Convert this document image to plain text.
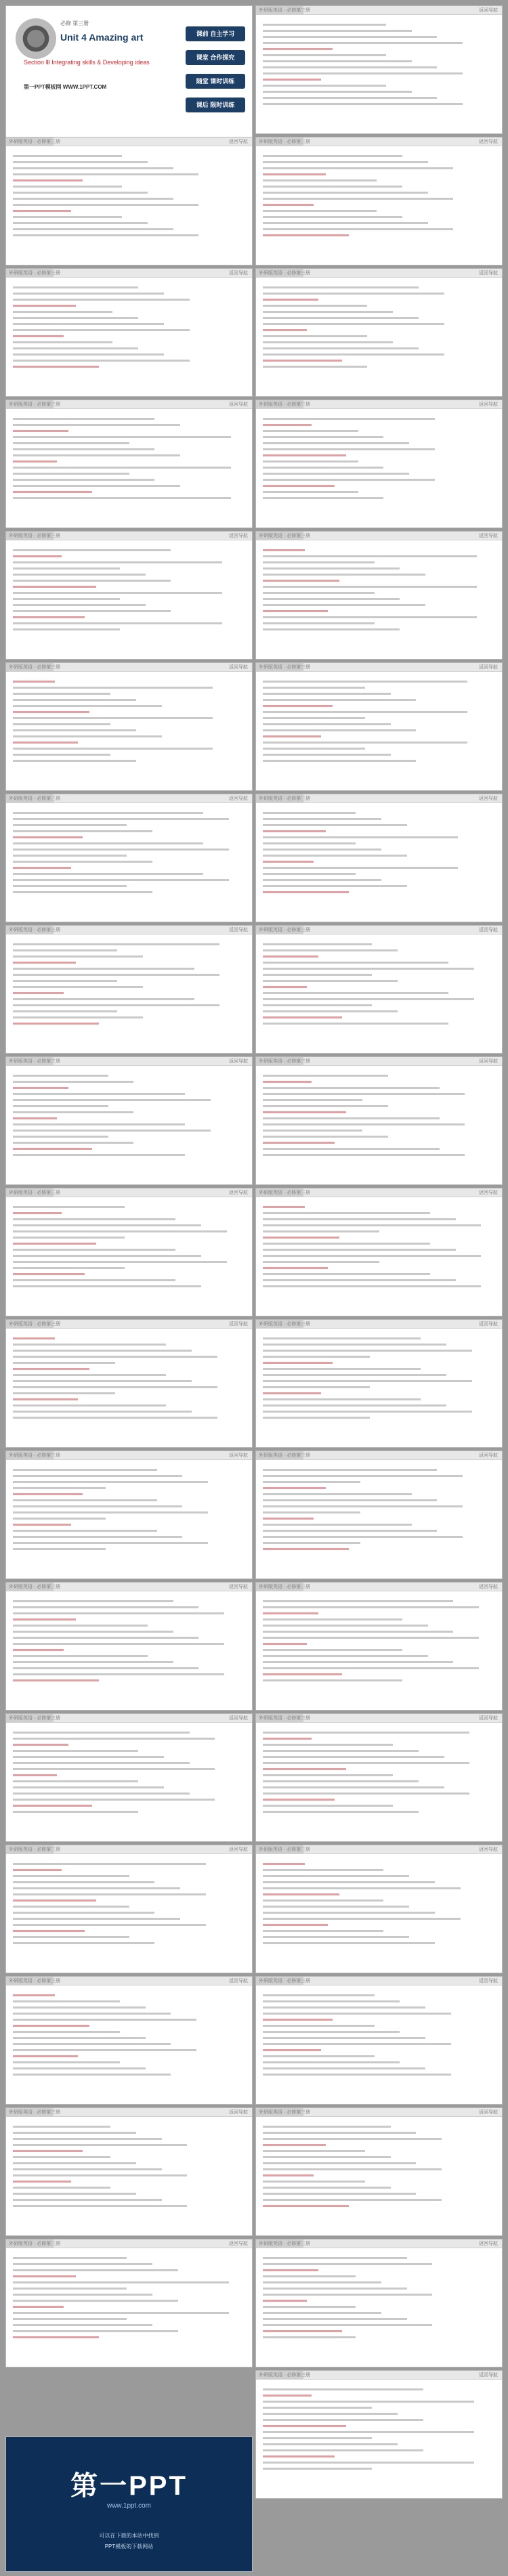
必修 第三册
Unit 4 Amazing art
Section Ⅲ Integrating skills & Developing ideas
第一PPT模板网 WWW.1PPT.COM
课前 自主学习
课堂 合作探究
随堂 课时训练
课后 限时训练
外研版英语 · 必修第三册	返回导航
外研版英语 · 必修第三册	返回导航 外研版英语 · 必修第三册	返回导航
外研版英语 · 必修第三册	返回导航 外研版英语 · 必修第三册	返回导航
外研版英语 · 必修第三册	返回导航 外研版英语 · 必修第三册	返回导航
外研版英语 · 必修第三册	返回导航 外研版英语 · 必修第三册	返回导航
外研版英语 · 必修第三册	返回导航 外研版英语 · 必修第三册	返回导航
外研版英语 · 必修第三册	返回导航 外研版英语 · 必修第三册	返回导航
外研版英语 · 必修第三册	返回导航 外研版英语 · 必修第三册	返回导航
外研版英语 · 必修第三册	返回导航 外研版英语 · 必修第三册	返回导航
外研版英语 · 必修第三册	返回导航 外研版英语 · 必修第三册	返回导航
外研版英语 · 必修第三册	返回导航 外研版英语 · 必修第三册	返回导航
外研版英语 · 必修第三册	返回导航 外研版英语 · 必修第三册	返回导航
外研版英语 · 必修第三册	返回导航 外研版英语 · 必修第三册	返回导航
外研版英语 · 必修第三册	返回导航 外研版英语 · 必修第三册	返回导航
外研版英语 · 必修第三册	返回导航 外研版英语 · 必修第三册	返回导航
外研版英语 · 必修第三册	返回导航 外研版英语 · 必修第三册	返回导航
外研版英语 · 必修第三册	返回导航 外研版英语 · 必修第三册	返回导航
外研版英语 · 必修第三册	返回导航 外研版英语 · 必修第三册	返回导航
外研版英语 · 必修第三册	返回导航
第一PPT
www.1ppt.com
可以在下载的本站中找到
PPT模板的下载网站
